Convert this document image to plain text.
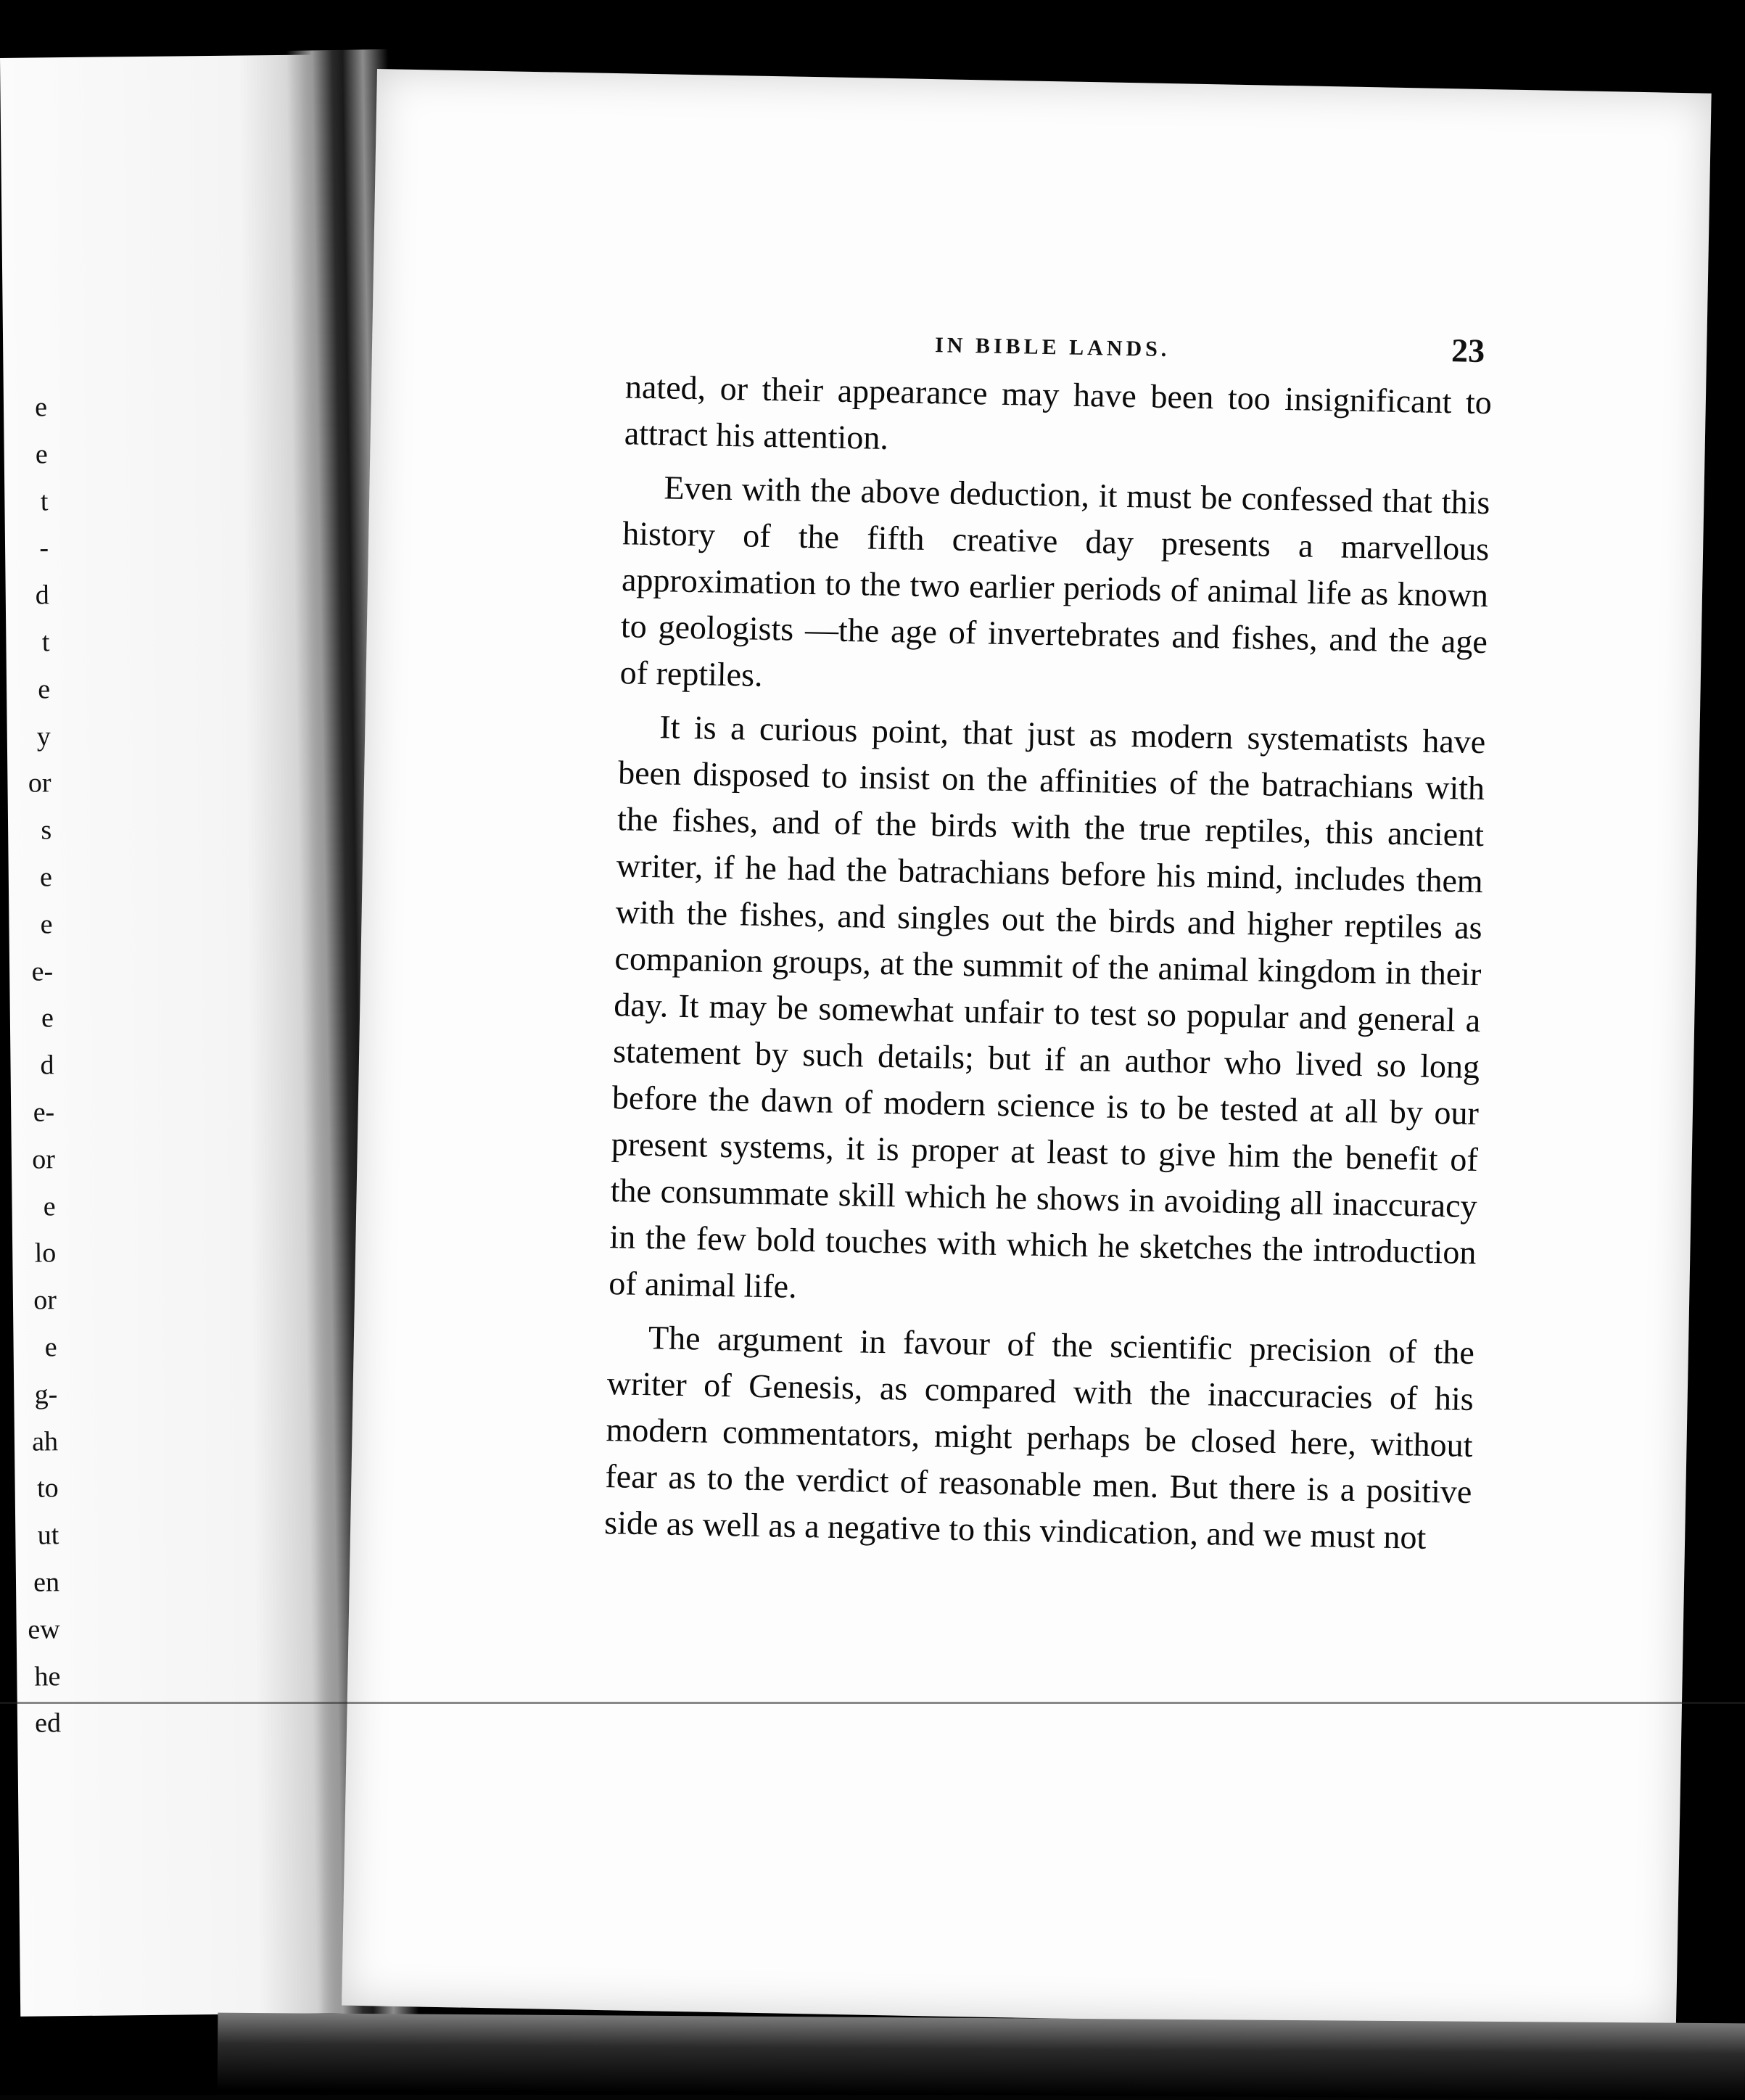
e
e
t
-
d
t
e
y
or
s
e
e
e-
e
d
e-
or
e
lo
or
e
g-
ah
to
ut
en
ew
he
ed
IN BIBLE LANDS.	23

nated, or their appearance may have been too insignificant to attract his attention.

Even with the above deduction, it must be confessed that this history of the fifth creative day presents a marvellous approximation to the two earlier periods of animal life as known to geologists —the age of invertebrates and fishes, and the age of reptiles.

It is a curious point, that just as modern systematists have been disposed to insist on the affinities of the batrachians with the fishes, and of the birds with the true reptiles, this ancient writer, if he had the batrachians before his mind, includes them with the fishes, and singles out the birds and higher reptiles as companion groups, at the summit of the animal kingdom in their day. It may be somewhat unfair to test so popular and general a statement by such details; but if an author who lived so long before the dawn of modern science is to be tested at all by our present systems, it is proper at least to give him the benefit of the consummate skill which he shows in avoiding all inaccuracy in the few bold touches with which he sketches the introduction of animal life.

The argument in favour of the scientific precision of the writer of Genesis, as compared with the inaccuracies of his modern commentators, might perhaps be closed here, without fear as to the verdict of reasonable men. But there is a positive side as well as a negative to this vindication, and we must not
